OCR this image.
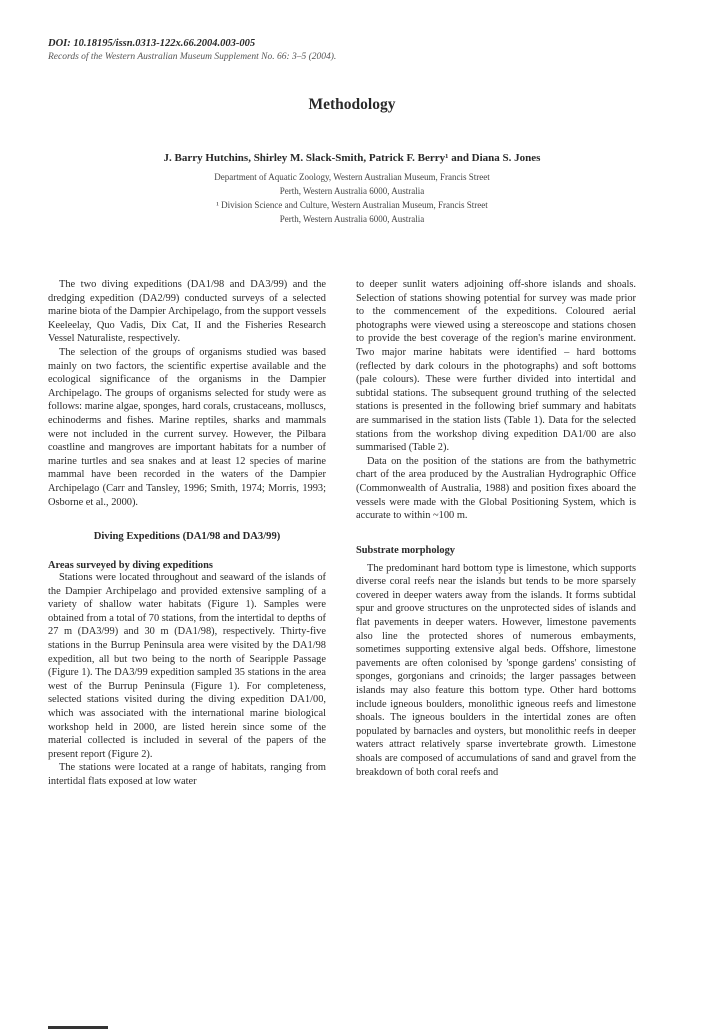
DOI: 10.18195/issn.0313-122x.66.2004.003-005
Records of the Western Australian Museum Supplement No. 66: 3–5 (2004).
Methodology
J. Barry Hutchins, Shirley M. Slack-Smith, Patrick F. Berry¹ and Diana S. Jones
Department of Aquatic Zoology, Western Australian Museum, Francis Street
Perth, Western Australia 6000, Australia
¹ Division Science and Culture, Western Australian Museum, Francis Street
Perth, Western Australia 6000, Australia

The two diving expeditions (DA1/98 and DA3/99) and the dredging expedition (DA2/99) conducted surveys of a selected marine biota of the Dampier Archipelago, from the support vessels Keeleelay, Quo Vadis, Dix Cat, II and the Fisheries Research Vessel Naturaliste, respectively.

The selection of the groups of organisms studied was based mainly on two factors, the scientific expertise available and the ecological significance of the organisms in the Dampier Archipelago. The groups of organisms selected for study were as follows: marine algae, sponges, hard corals, crustaceans, molluscs, echinoderms and fishes. Marine reptiles, sharks and mammals were not included in the current survey. However, the Pilbara coastline and mangroves are important habitats for a number of marine turtles and sea snakes and at least 12 species of marine mammal have been recorded in the waters of the Dampier Archipelago (Carr and Tansley, 1996; Smith, 1974; Morris, 1993; Osborne et al., 2000).

Diving Expeditions (DA1/98 and DA3/99)
Areas surveyed by diving expeditions

Stations were located throughout and seaward of the islands of the Dampier Archipelago and provided extensive sampling of a variety of shallow water habitats (Figure 1). Samples were obtained from a total of 70 stations, from the intertidal to depths of 27 m (DA3/99) and 30 m (DA1/98), respectively. Thirty-five stations in the Burrup Peninsula area were visited by the DA1/98 expedition, all but two being to the north of Searipple Passage (Figure 1). The DA3/99 expedition sampled 35 stations in the area west of the Burrup Peninsula (Figure 1). For completeness, selected stations visited during the diving expedition DA1/00, which was associated with the international marine biological workshop held in 2000, are listed herein since some of the material collected is included in several of the papers of the present report (Figure 2).

The stations were located at a range of habitats, ranging from intertidal flats exposed at low water

to deeper sunlit waters adjoining off-shore islands and shoals. Selection of stations showing potential for survey was made prior to the commencement of the expeditions. Coloured aerial photographs were viewed using a stereoscope and stations chosen to provide the best coverage of the region's marine environment. Two major marine habitats were identified – hard bottoms (reflected by dark colours in the photographs) and soft bottoms (pale colours). These were further divided into intertidal and subtidal stations. The subsequent ground truthing of the selected stations is presented in the following brief summary and habitats are summarised in the station lists (Table 1). Data for the selected stations from the workshop diving expedition DA1/00 are also summarised (Table 2).

Data on the position of the stations are from the bathymetric chart of the area produced by the Australian Hydrographic Office (Commonwealth of Australia, 1988) and position fixes aboard the vessels were made with the Global Positioning System, which is accurate to within ~100 m.

Substrate morphology

The predominant hard bottom type is limestone, which supports diverse coral reefs near the islands but tends to be more sparsely covered in deeper waters away from the islands. It forms subtidal spur and groove structures on the unprotected sides of islands and flat pavements in deeper waters. However, limestone pavements also line the protected shores of numerous embayments, sometimes supporting extensive algal beds. Offshore, limestone pavements are often colonised by 'sponge gardens' consisting of sponges, gorgonians and crinoids; the larger passages between islands may also feature this bottom type. Other hard bottoms include igneous boulders, monolithic igneous reefs and limestone shoals. The igneous boulders in the intertidal zones are often populated by barnacles and oysters, but monolithic reefs in deeper waters attract relatively sparse invertebrate growth. Limestone shoals are composed of accumulations of sand and gravel from the breakdown of both coral reefs and
